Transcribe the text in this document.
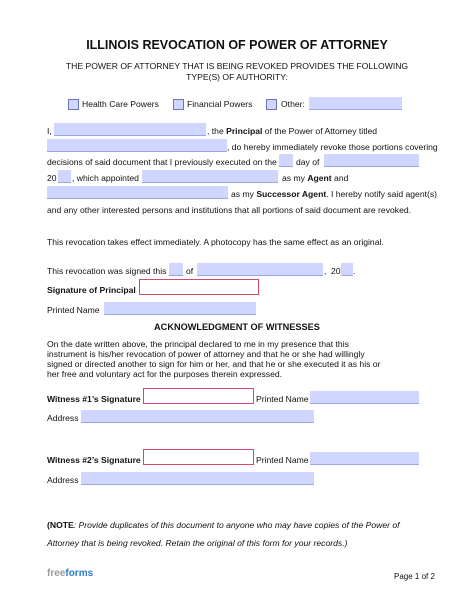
ILLINOIS REVOCATION OF POWER OF ATTORNEY
THE POWER OF ATTORNEY THAT IS BEING REVOKED PROVIDES THE FOLLOWING
TYPE(S) OF AUTHORITY:
Health Care Powers	Financial Powers	Other:
I,	, the Principal of the Power of Attorney titled
, do hereby immediately revoke those portions covering
decisions of said document that I previously executed on the day of
20 , which appointed	as my Agent and
as my Successor Agent. I hereby notify said agent(s)
and any other interested persons and institutions that all portions of said document are revoked.
This revocation takes effect immediately. A photocopy has the same effect as an original.
This revocation was signed this of	, 20 .
Signature of Principal
Printed Name
ACKNOWLEDGMENT OF WITNESSES
On the date written above, the principal declared to me in my presence that this
instrument is his/her revocation of power of attorney and that he or she had willingly
signed or directed another to sign for him or her, and that he or she executed it as his or
her free and voluntary act for the purposes therein expressed.
Witness #1’s Signature	Printed Name
Address
Witness #2’s Signature	Printed Name
Address
(NOTE: Provide duplicates of this document to anyone who may have copies of the Power of
Attorney that is being revoked. Retain the original of this form for your records.)
freeforms	Page 1 of 2
